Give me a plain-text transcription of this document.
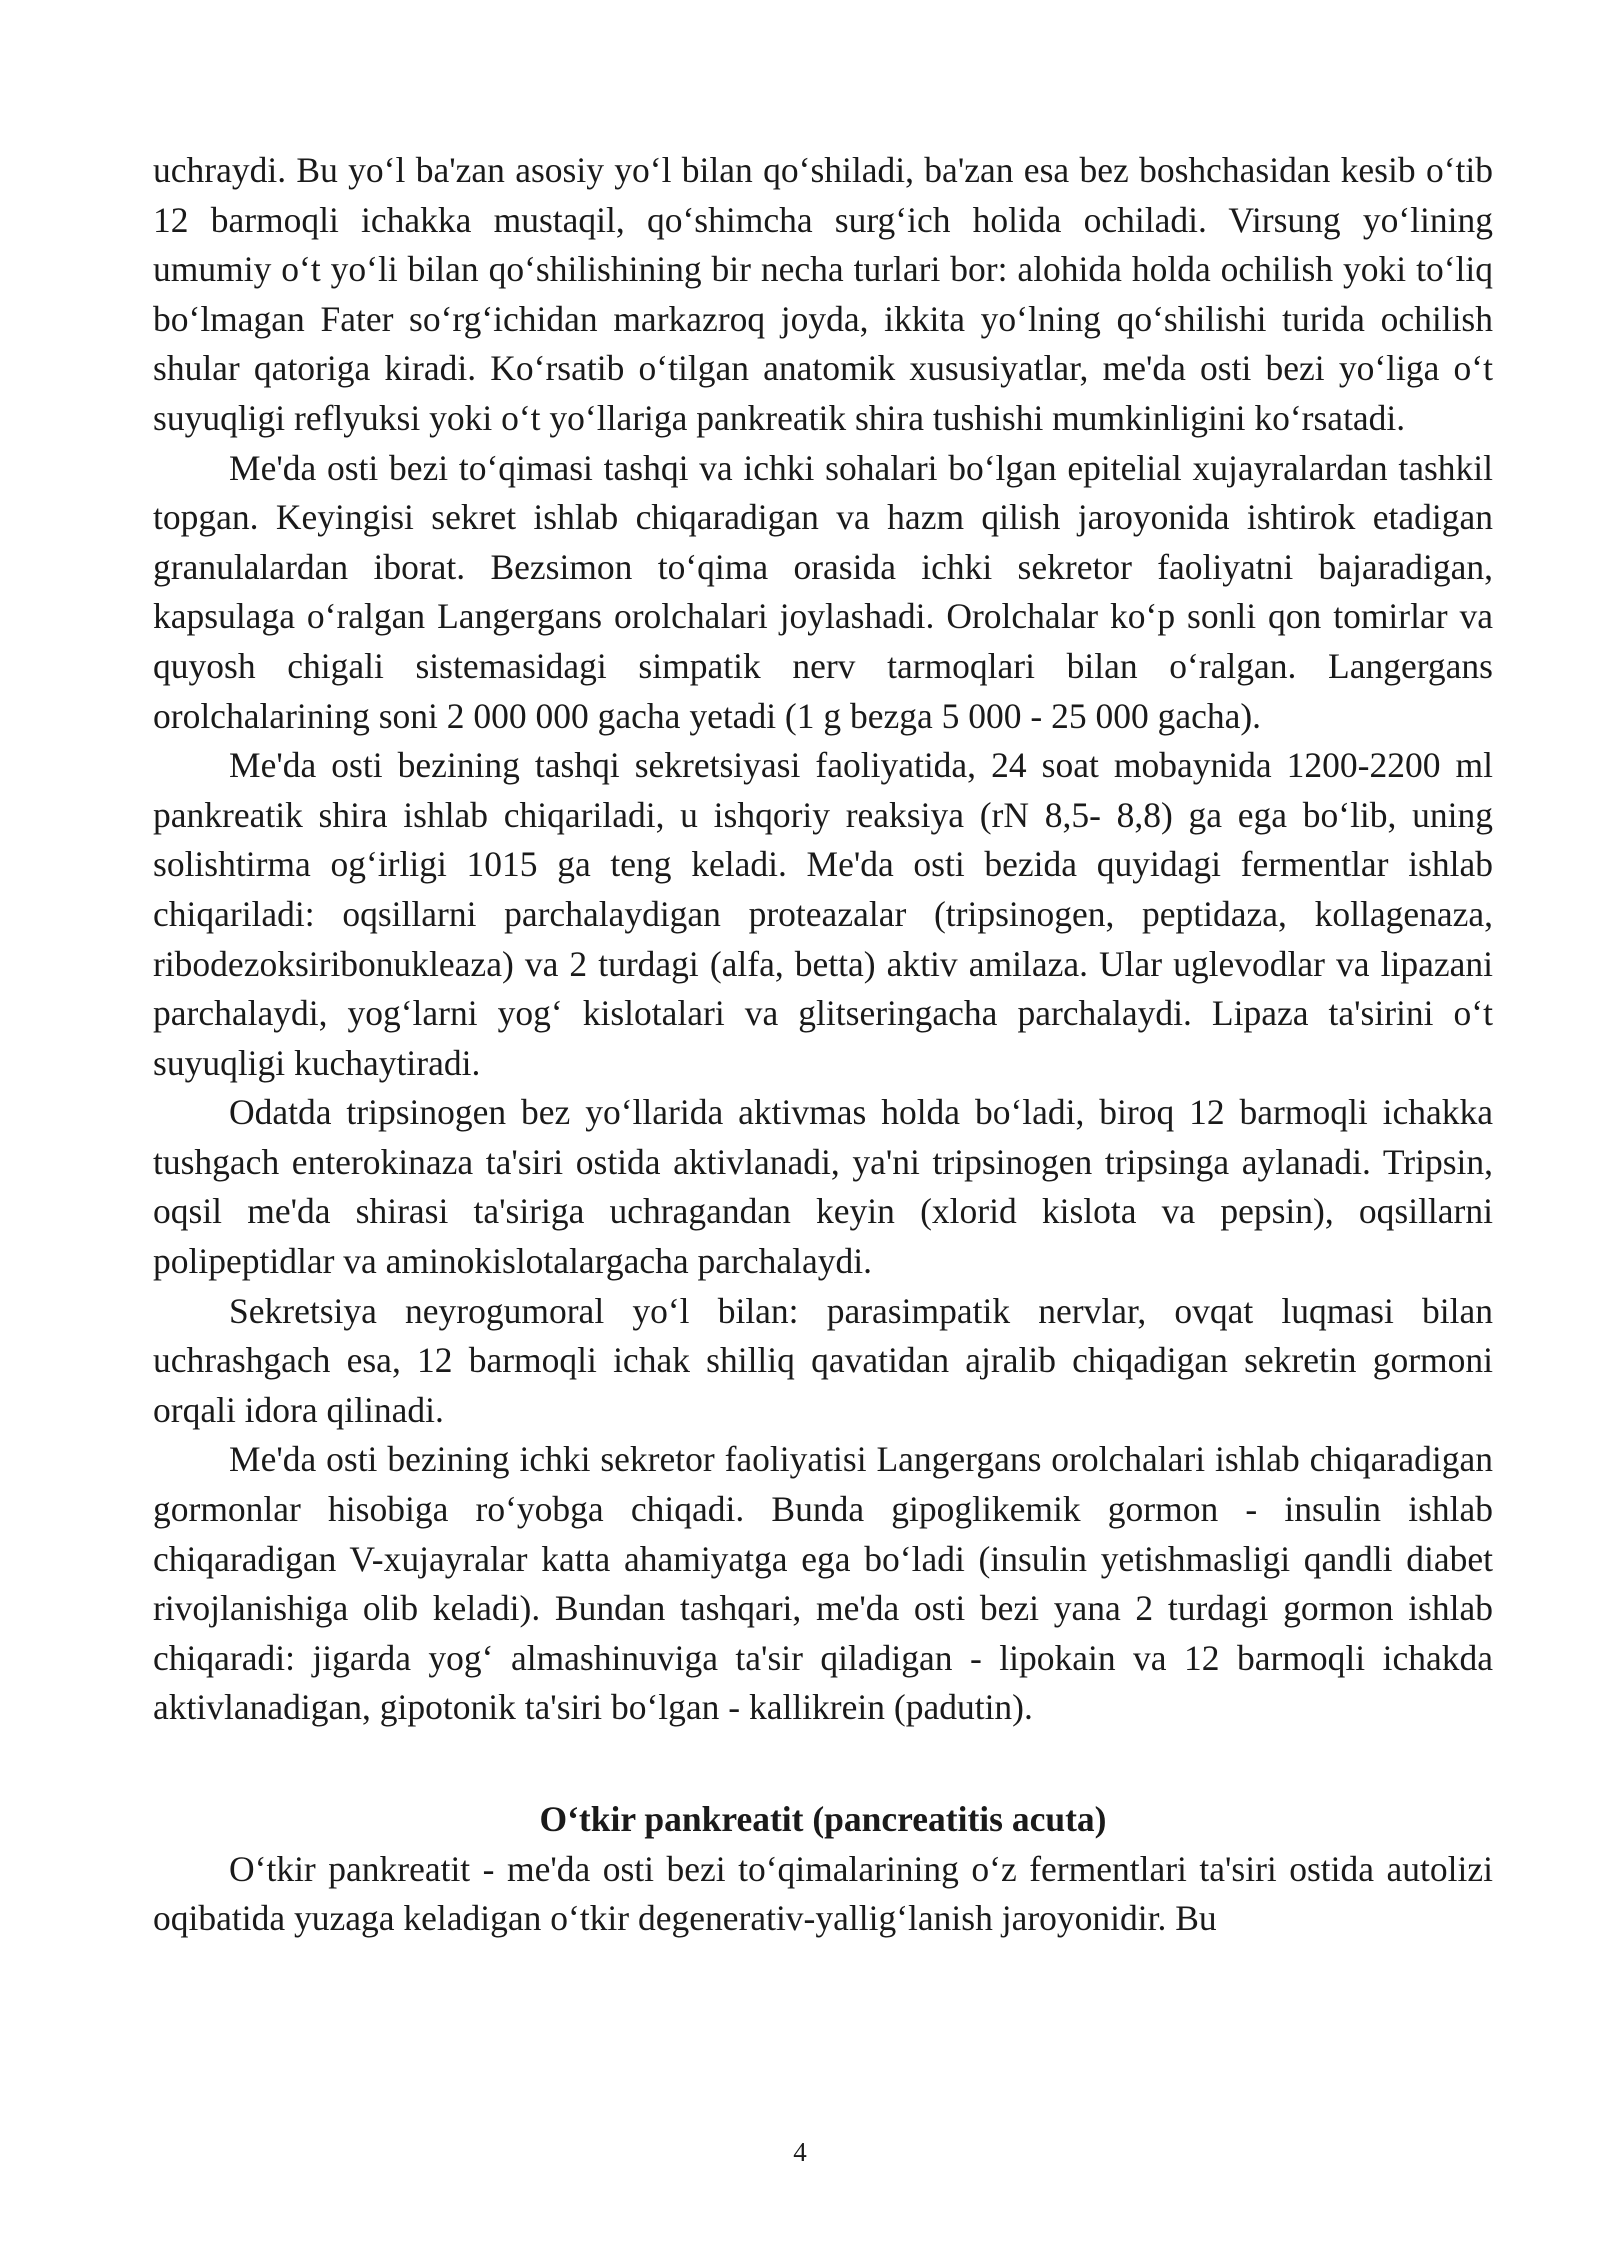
uchraydi. Bu yo‘l ba'zan asosiy yo‘l bilan qo‘shiladi, ba'zan esa bez boshchasidan kesib o‘tib 12 barmoqli ichakka mustaqil, qo‘shimcha surg‘ich holida ochiladi. Virsung yo‘lining umumiy o‘t yo‘li bilan qo‘shilishining bir necha turlari bor: alohida holda ochilish yoki to‘liq bo‘lmagan Fater so‘rg‘ichidan markazroq joyda, ikkita yo‘lning qo‘shilishi turida ochilish shular qatoriga kiradi. Ko‘rsatib o‘tilgan anatomik xususiyatlar, me'da osti bezi yo‘liga o‘t suyuqligi reflyuksi yoki o‘t yo‘llariga pankreatik shira tushishi mumkinligini ko‘rsatadi.

Me'da osti bezi to‘qimasi tashqi va ichki sohalari bo‘lgan epitelial xujayralardan tashkil topgan. Keyingisi sekret ishlab chiqaradigan va hazm qilish jaroyonida ishtirok etadigan granulalardan iborat. Bezsimon to‘qima orasida ichki sekretor faoliyatni bajaradigan, kapsulaga o‘ralgan Langergans orolchalari joylashadi. Orolchalar ko‘p sonli qon tomirlar va quyosh chigali sistemasidagi simpatik nerv tarmoqlari bilan o‘ralgan. Langergans orolchalarining soni 2 000 000 gacha yetadi (1 g bezga 5 000 - 25 000 gacha).

Me'da osti bezining tashqi sekretsiyasi faoliyatida, 24 soat mobaynida 1200-2200 ml pankreatik shira ishlab chiqariladi, u ishqoriy reaksiya (rN 8,5- 8,8) ga ega bo‘lib, uning solishtirma og‘irligi 1015 ga teng keladi. Me'da osti bezida quyidagi fermentlar ishlab chiqariladi: oqsillarni parchalaydigan proteazalar (tripsinogen, peptidaza, kollagenaza, ribodezoksiribonukleaza) va 2 turdagi (alfa, betta) aktiv amilaza. Ular uglevodlar va lipazani parchalaydi, yog‘larni yog‘ kislotalari va glitseringacha parchalaydi. Lipaza ta'sirini o‘t suyuqligi kuchaytiradi.

Odatda tripsinogen bez yo‘llarida aktivmas holda bo‘ladi, biroq 12 barmoqli ichakka tushgach enterokinaza ta'siri ostida aktivlanadi, ya'ni tripsinogen tripsinga aylanadi. Tripsin, oqsil me'da shirasi ta'siriga uchragandan keyin (xlorid kislota va pepsin), oqsillarni polipeptidlar va aminokislotalargacha parchalaydi.

Sekretsiya neyrogumoral yo‘l bilan: parasimpatik nervlar, ovqat luqmasi bilan uchrashgach esa, 12 barmoqli ichak shilliq qavatidan ajralib chiqadigan sekretin gormoni orqali idora qilinadi.

Me'da osti bezining ichki sekretor faoliyatisi Langergans orolchalari ishlab chiqaradigan gormonlar hisobiga ro‘yobga chiqadi. Bunda gipoglikemik gormon - insulin ishlab chiqaradigan V-xujayralar katta ahamiyatga ega bo‘ladi (insulin yetishmasligi qandli diabet rivojlanishiga olib keladi). Bundan tashqari, me'da osti bezi yana 2 turdagi gormon ishlab chiqaradi: jigarda yog‘ almashinuviga ta'sir qiladigan - lipokain va 12 barmoqli ichakda aktivlanadigan, gipotonik ta'siri bo‘lgan - kallikrein (padutin).

O‘tkir pankreatit (pancreatitis acuta)

O‘tkir pankreatit - me'da osti bezi to‘qimalarining o‘z fermentlari ta'siri ostida autolizi oqibatida yuzaga keladigan o‘tkir degenerativ-yallig‘lanish jaroyonidir. Bu

4
